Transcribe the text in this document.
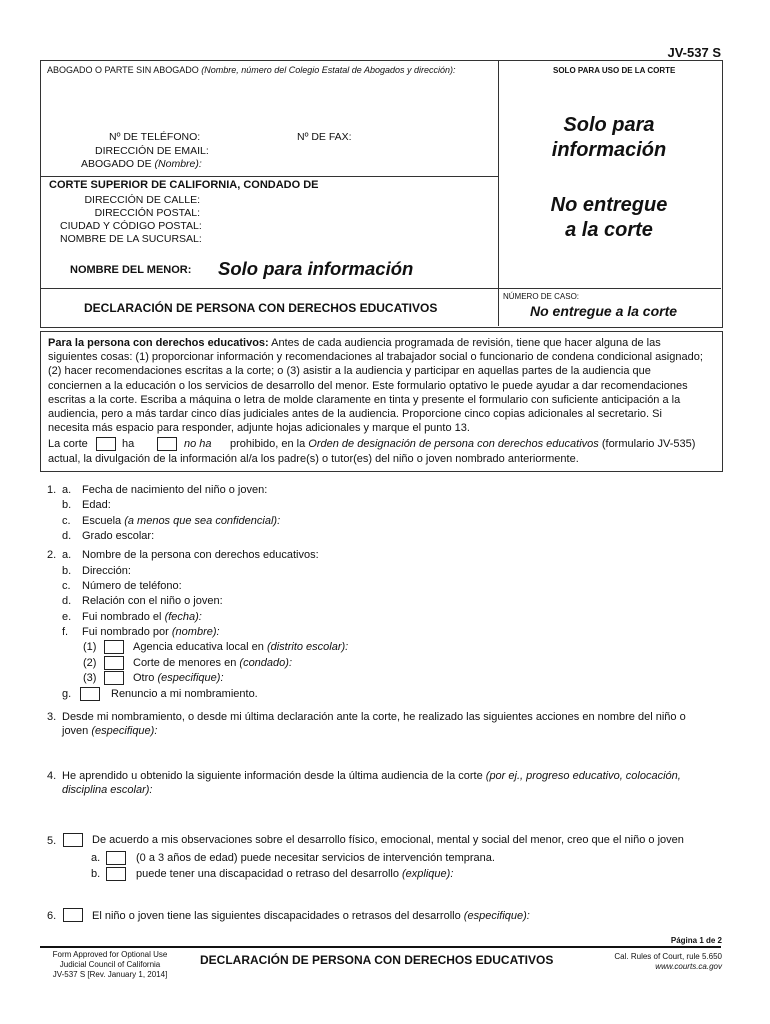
JV-537 S
ABOGADO O PARTE SIN ABOGADO (Nombre, número del Colegio Estatal de Abogados y dirección):	SOLO PARA USO DE LA CORTE
Nº DE TELÉFONO:	Nº DE FAX:
DIRECCIÓN DE EMAIL:
ABOGADO DE (Nombre):
CORTE SUPERIOR DE CALIFORNIA, CONDADO DE
DIRECCIÓN DE CALLE:
DIRECCIÓN POSTAL:
CIUDAD Y CÓDIGO POSTAL:
NOMBRE DE LA SUCURSAL:
NOMBRE DEL MENOR: Solo para información
Solo para
información
No entregue
a la corte
DECLARACIÓN DE PERSONA CON DERECHOS EDUCATIVOS
NÚMERO DE CASO:
No entregue a la corte
Para la persona con derechos educativos: Antes de cada audiencia programada de revisión, tiene que hacer alguna de las
siguientes cosas: (1) proporcionar información y recomendaciones al trabajador social o funcionario de condena condicional asignado;
(2) hacer recomendaciones escritas a la corte; o (3) asistir a la audiencia y participar en aquellas partes de la audiencia que
conciernen a la educación o los servicios de desarrollo del menor. Este formulario optativo le puede ayudar a dar recomendaciones
escritas a la corte. Escriba a máquina o letra de molde claramente en tinta y presente el formulario con suficiente anticipación a la
audiencia, pero a más tardar cinco días judiciales antes de la audiencia. Proporcione cinco copias adicionales al secretario. Si
necesita más espacio para responder, adjunte hojas adicionales y marque el punto 13.
La corte	ha	no ha prohibido, en la Orden de designación de persona con derechos educativos (formulario JV-535)
actual, la divulgación de la información al/a los padre(s) o tutor(es) del niño o joven nombrado anteriormente.
1. a. Fecha de nacimiento del niño o joven:
b. Edad:
c. Escuela (a menos que sea confidencial):
d. Grado escolar:
2. a. Nombre de la persona con derechos educativos:
b. Dirección:
c. Número de teléfono:
d. Relación con el niño o joven:
e. Fui nombrado el (fecha):
f. Fui nombrado por (nombre):
(1)	Agencia educativa local en (distrito escolar):
(2)	Corte de menores en (condado):
(3)	Otro (especifique):
g.	Renuncio a mi nombramiento.
3. Desde mi nombramiento, o desde mi última declaración ante la corte, he realizado las siguientes acciones en nombre del niño o
joven (especifique):
4. He aprendido u obtenido la siguiente información desde la última audiencia de la corte (por ej., progreso educativo, colocación,
disciplina escolar):
5.	De acuerdo a mis observaciones sobre el desarrollo físico, emocional, mental y social del menor, creo que el niño o joven
a.	(0 a 3 años de edad) puede necesitar servicios de intervención temprana.
b.	puede tener una discapacidad o retraso del desarrollo (explique):
6.	El niño o joven tiene las siguientes discapacidades o retrasos del desarrollo (especifique):
Página 1 de 2
Form Approved for Optional Use
Judicial Council of California
JV-537 S [Rev. January 1, 2014]
DECLARACIÓN DE PERSONA CON DERECHOS EDUCATIVOS	Cal. Rules of Court, rule 5.650
www.courts.ca.gov
